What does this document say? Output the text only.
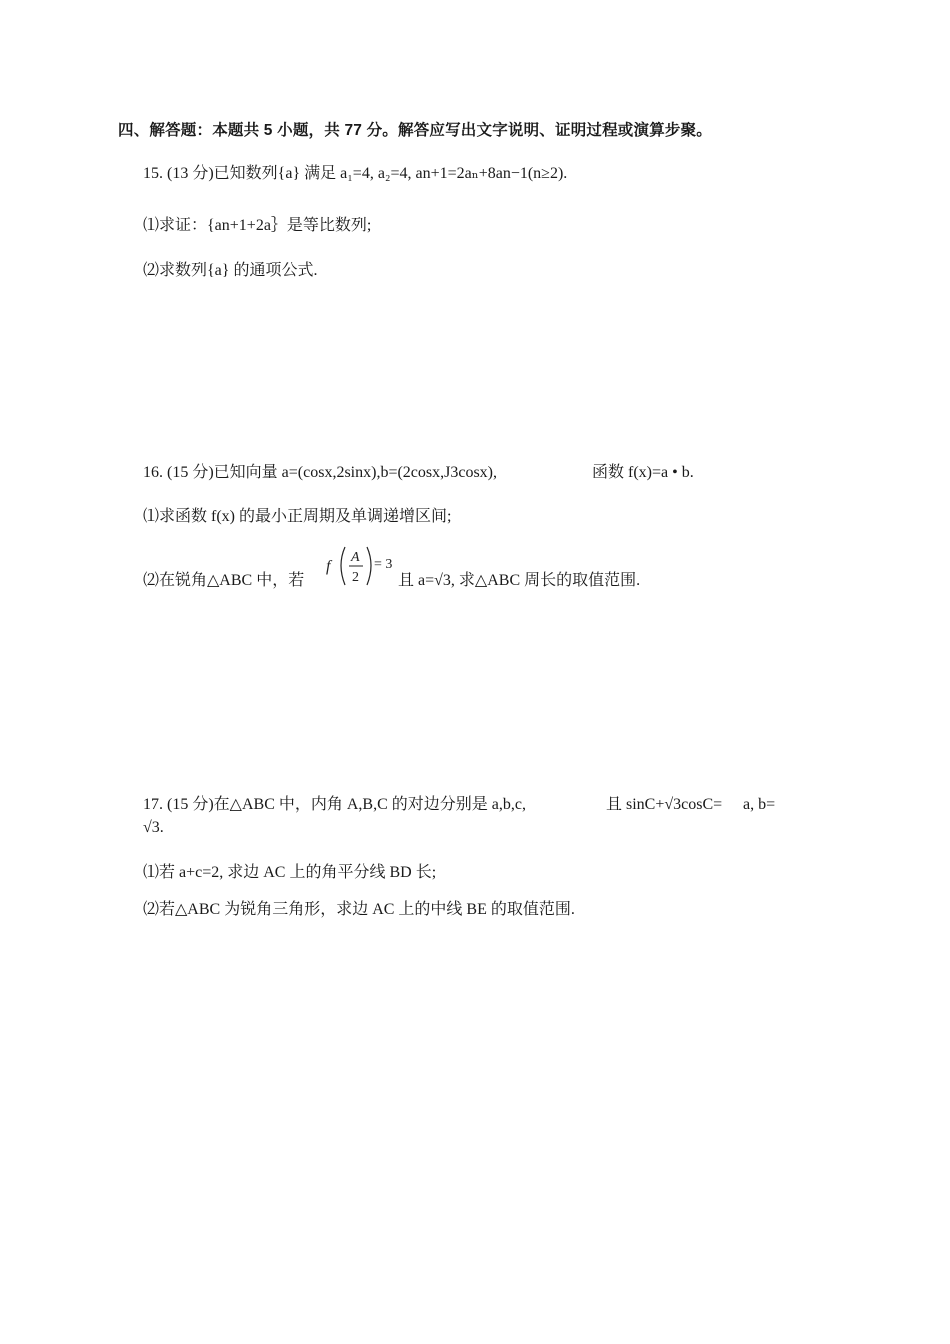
四、解答题：本题共 5 小题，共 77 分。解答应写出文字说明、证明过程或演算步聚。
15. (13 分)已知数列{a} 满足 a₁=4, a₂=4, an+1=2aₙ+8an−1(n≥2).
⑴求证：{an+1+2a｝是等比数列;
⑵求数列{a} 的通项公式.
16. (15 分)已知向量 a=(cosx,2sinx),b=(2cosx,J3cosx),	函数 f(x)=a • b.
⑴求函数 f(x) 的最小正周期及单调递增区间;
⑵在锐角△ABC 中，若
f
A
2
= 3
且 a=√3, 求△ABC 周长的取值范围.
17. (15 分)在△ABC 中，内角 A,B,C 的对边分别是 a,b,c,	且 sinC+√3cosC= a, b=
√3.
⑴若 a+c=2, 求边 AC 上的角平分线 BD 长;
⑵若△ABC 为锐角三角形，求边 AC 上的中线 BE 的取值范围.
